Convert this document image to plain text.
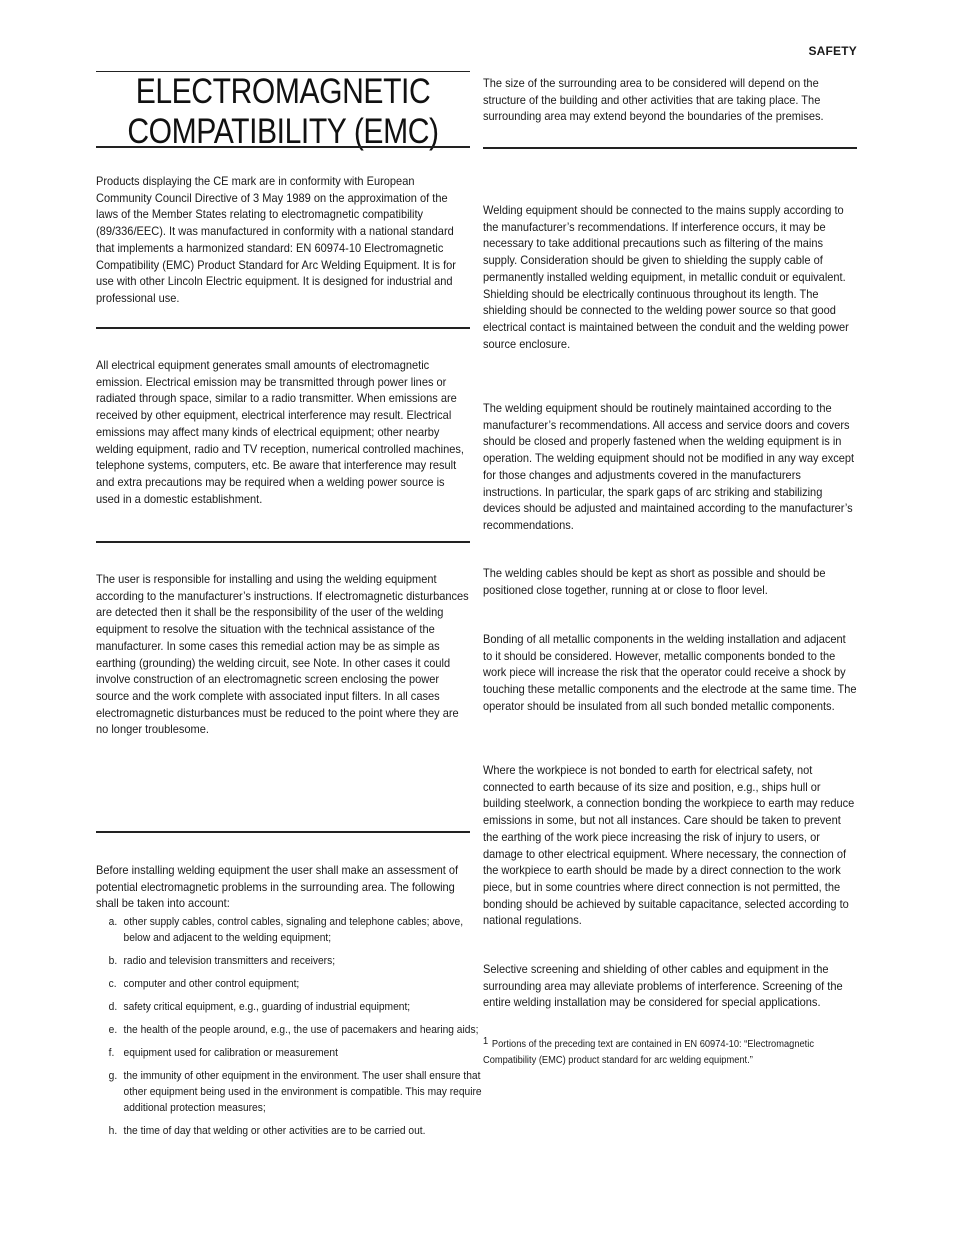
SAFETY
ELECTROMAGNETIC
COMPATIBILITY (EMC)

Products displaying the CE mark are in conformity with European Community Council Directive of 3 May 1989 on the approximation of the laws of the Member States relating to electromagnetic compatibility (89/336/EEC). It was manufactured in conformity with a national standard that implements a harmonized standard: EN 60974-10 Electromagnetic Compatibility (EMC) Product Standard for Arc Welding Equipment. It is for use with other Lincoln Electric equipment. It is designed for industrial and professional use.

All electrical equipment generates small amounts of electromagnetic emission. Electrical emission may be transmitted through power lines or radiated through space, similar to a radio transmitter. When emissions are received by other equipment, electrical interference may result. Electrical emissions may affect many kinds of electrical equipment; other nearby welding equipment, radio and TV reception, numerical controlled machines, telephone systems, computers, etc. Be aware that interference may result and extra precautions may be required when a welding power source is used in a domestic establishment.

The user is responsible for installing and using the welding equipment according to the manufacturer’s instructions. If electromagnetic disturbances are detected then it shall be the responsibility of the user of the welding equipment to resolve the situation with the technical assistance of the manufacturer. In some cases this remedial action may be as simple as earthing (grounding) the welding circuit, see Note. In other cases it could involve construction of an electromagnetic screen enclosing the power source and the work complete with associated input filters. In all cases electromagnetic disturbances must be reduced to the point where they are no longer troublesome.

Before installing welding equipment the user shall make an assessment of potential electromagnetic problems in the surrounding area. The following shall be taken into account:

a. other supply cables, control cables, signaling and telephone cables; above, below and adjacent to the welding equipment;
b. radio and television transmitters and receivers;
c. computer and other control equipment;
d. safety critical equipment, e.g., guarding of industrial equipment;
e. the health of the people around, e.g., the use of pacemakers and hearing aids;
f. equipment used for calibration or measurement
g. the immunity of other equipment in the environment. The user shall ensure that other equipment being used in the environment is compatible. This may require additional protection measures;
h. the time of day that welding or other activities are to be carried out.

The size of the surrounding area to be considered will depend on the structure of the building and other activities that are taking place. The surrounding area may extend beyond the boundaries of the premises.

Welding equipment should be connected to the mains supply according to the manufacturer’s recommendations. If interference occurs, it may be necessary to take additional precautions such as filtering of the mains supply. Consideration should be given to shielding the supply cable of permanently installed welding equipment, in metallic conduit or equivalent. Shielding should be electrically continuous throughout its length. The shielding should be connected to the welding power source so that good electrical contact is maintained between the conduit and the welding power source enclosure.

The welding equipment should be routinely maintained according to the manufacturer’s recommendations. All access and service doors and covers should be closed and properly fastened when the welding equipment is in operation. The welding equipment should not be modified in any way except for those changes and adjustments covered in the manufacturers instructions. In particular, the spark gaps of arc striking and stabilizing devices should be adjusted and maintained according to the manufacturer’s recommendations.

The welding cables should be kept as short as possible and should be positioned close together, running at or close to floor level.

Bonding of all metallic components in the welding installation and adjacent to it should be considered. However, metallic components bonded to the work piece will increase the risk that the operator could receive a shock by touching these metallic components and the electrode at the same time. The operator should be insulated from all such bonded metallic components.

Where the workpiece is not bonded to earth for electrical safety, not connected to earth because of its size and position, e.g., ships hull or building steelwork, a connection bonding the workpiece to earth may reduce emissions in some, but not all instances. Care should be taken to prevent the earthing of the work piece increasing the risk of injury to users, or damage to other electrical equipment. Where necessary, the connection of the workpiece to earth should be made by a direct connection to the work piece, but in some countries where direct connection is not permitted, the bonding should be achieved by suitable capacitance, selected according to national regulations.

Selective screening and shielding of other cables and equipment in the surrounding area may alleviate problems of interference. Screening of the entire welding installation may be considered for special applications.

1 Portions of the preceding text are contained in EN 60974-10: “Electromagnetic Compatibility (EMC) product standard for arc welding equipment.”
